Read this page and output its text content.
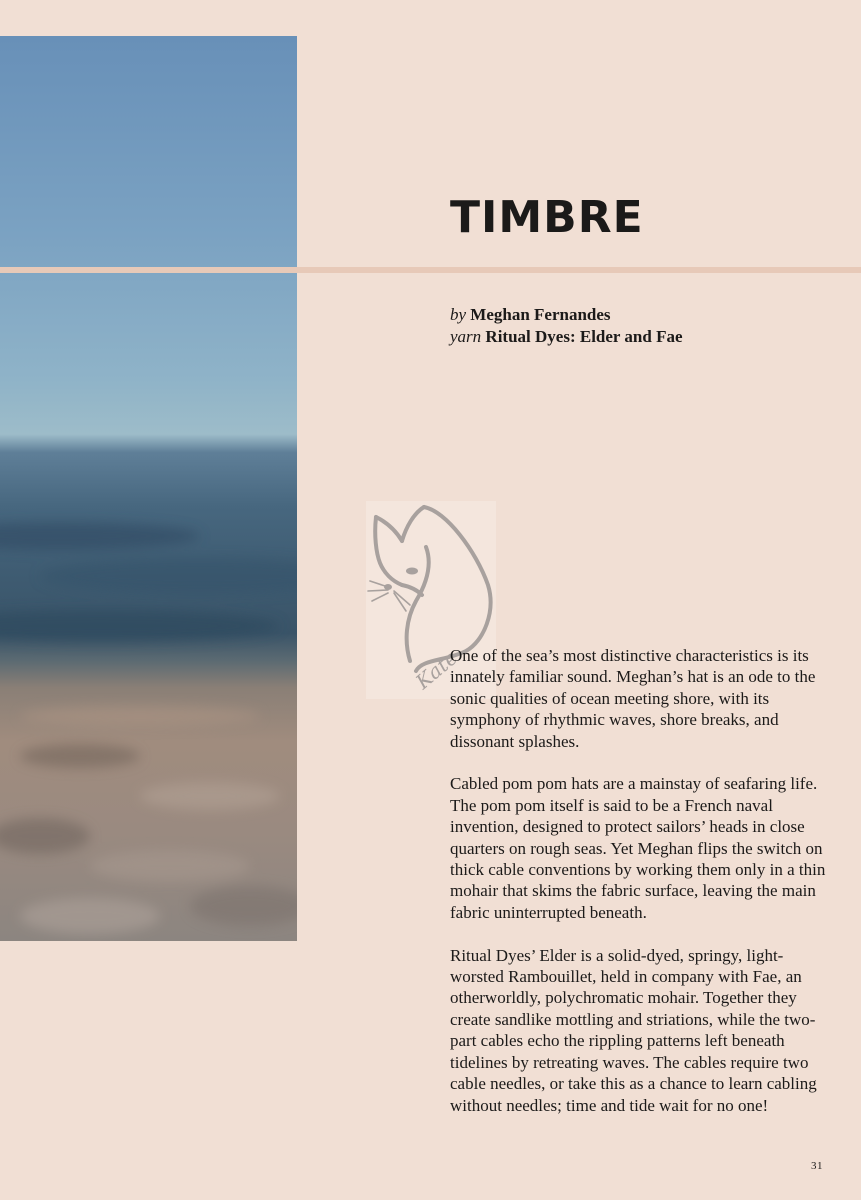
TIMBRE
by Meghan Fernandes
yarn Ritual Dyes: Elder and Fae
Kate

One of the sea’s most distinctive characteristics is its innately familiar sound. Meghan’s hat is an ode to the sonic qualities of ocean meeting shore, with its symphony of rhythmic waves, shore breaks, and dissonant splashes.

Cabled pom pom hats are a mainstay of seafaring life. The pom pom itself is said to be a French naval invention, designed to protect sailors’ heads in close quarters on rough seas. Yet Meghan flips the switch on thick cable conventions by working them only in a thin mohair that skims the fabric surface, leaving the main fabric uninterrupted beneath.

Ritual Dyes’ Elder is a solid-dyed, springy, light-worsted Rambouillet, held in company with Fae, an otherworldly, polychromatic mohair. Together they create sandlike mottling and striations, while the two-part cables echo the rippling patterns left beneath tidelines by retreating waves. The cables require two cable needles, or take this as a chance to learn cabling without needles; time and tide wait for no one!

31
